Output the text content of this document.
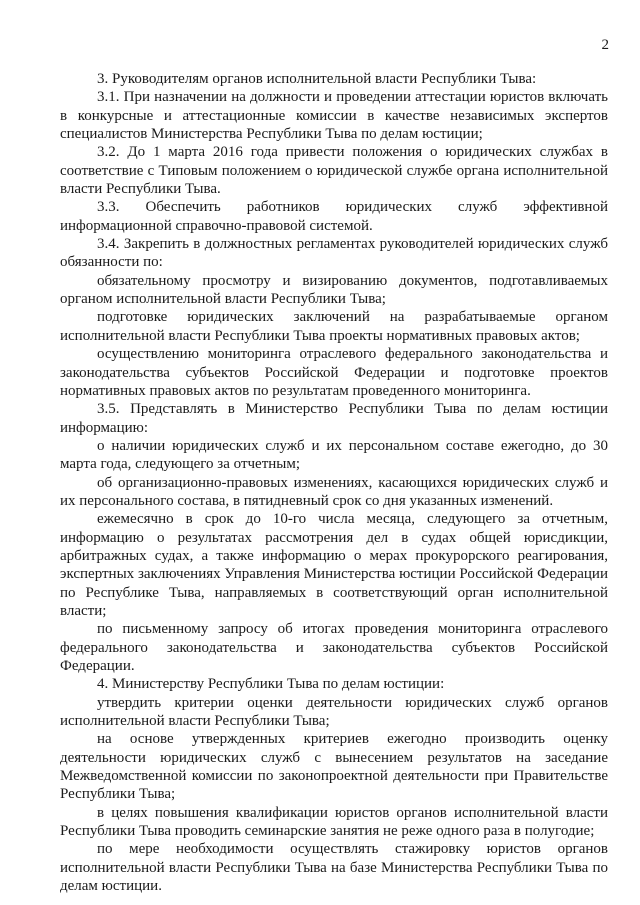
2

3. Руководителям органов исполнительной власти Республики Тыва:

3.1. При назначении на должности и проведении аттестации юристов включать в конкурсные и аттестационные комиссии в качестве независимых экспертов специалистов Министерства Республики Тыва по делам юстиции;

3.2. До 1 марта 2016 года привести положения о юридических службах в соответствие с Типовым положением о юридической службе органа исполнительной власти Республики Тыва.

3.3. Обеспечить работников юридических служб эффективной информационной справочно-правовой системой.

3.4. Закрепить в должностных регламентах руководителей юридических служб обязанности по:

обязательному просмотру и визированию документов, подготавливаемых органом исполнительной власти Республики Тыва;

подготовке юридических заключений на разрабатываемые органом исполнительной власти Республики Тыва проекты нормативных правовых актов;

осуществлению мониторинга отраслевого федерального законодательства и законодательства субъектов Российской Федерации и подготовке проектов нормативных правовых актов по результатам проведенного мониторинга.

3.5. Представлять в Министерство Республики Тыва по делам юстиции информацию:

о наличии юридических служб и их персональном составе ежегодно, до 30 марта года, следующего за отчетным;

об организационно-правовых изменениях, касающихся юридических служб и их персонального состава, в пятидневный срок со дня указанных изменений.

ежемесячно в срок до 10-го числа месяца, следующего за отчетным, информацию о результатах рассмотрения дел в судах общей юрисдикции, арбитражных судах, а также информацию о мерах прокурорского реагирования, экспертных заключениях Управления Министерства юстиции Российской Федерации по Республике Тыва, направляемых в соответствующий орган исполнительной власти;

по письменному запросу об итогах проведения мониторинга отраслевого федерального законодательства и законодательства субъектов Российской Федерации.

4. Министерству Республики Тыва по делам юстиции:

утвердить критерии оценки деятельности юридических служб органов исполнительной власти Республики Тыва;

на основе утвержденных критериев ежегодно производить оценку деятельности юридических служб с вынесением результатов на заседание Межведомственной комиссии по законопроектной деятельности при Правительстве Республики Тыва;

в целях повышения квалификации юристов органов исполнительной власти Республики Тыва проводить семинарские занятия не реже одного раза в полугодие;

по мере необходимости осуществлять стажировку юристов органов исполнительной власти Республики Тыва на базе Министерства Республики Тыва по делам юстиции.
